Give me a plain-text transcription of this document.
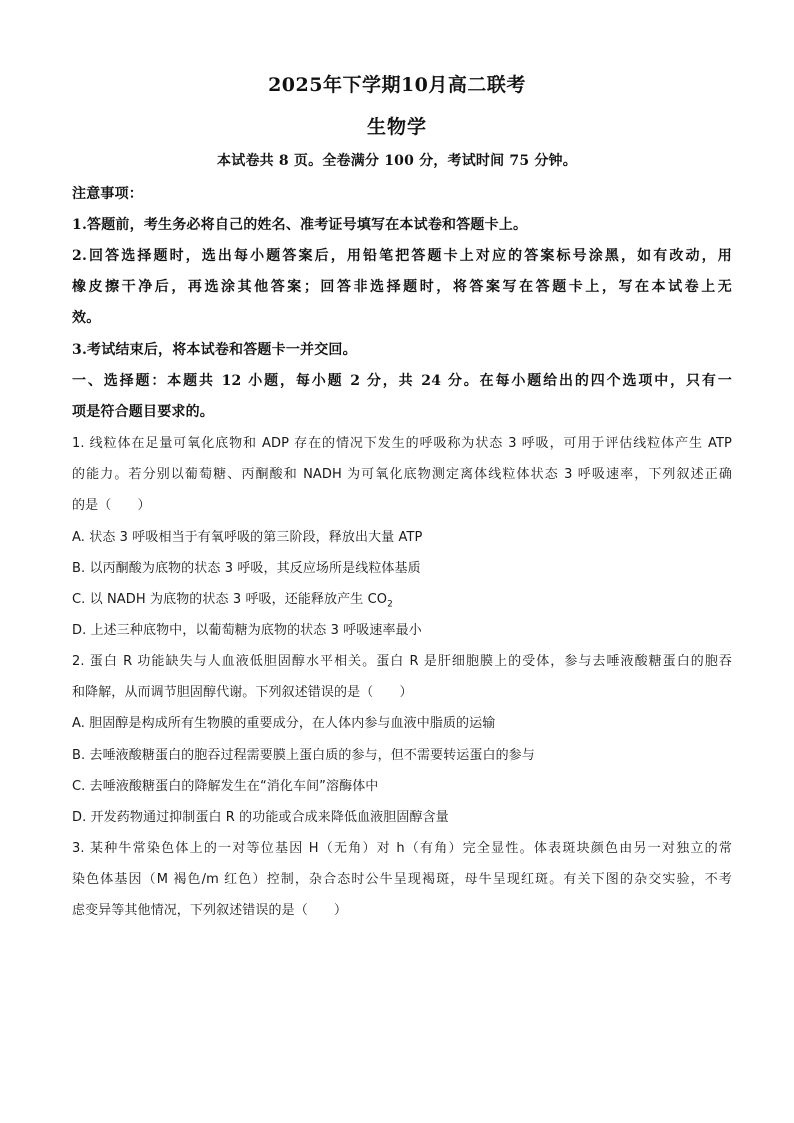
2025年下学期10月高二联考
生物学
本试卷共 8 页。全卷满分 100 分，考试时间 75 分钟。
注意事项：
1.答题前，考生务必将自己的姓名、准考证号填写在本试卷和答题卡上。
2.回答选择题时，选出每小题答案后，用铅笔把答题卡上对应的答案标号涂黑，如有改动，用
橡皮擦干净后，再选涂其他答案；回答非选择题时，将答案写在答题卡上，写在本试卷上无
效。
3.考试结束后，将本试卷和答题卡一并交回。
一、选择题：本题共 12 小题，每小题 2 分，共 24 分。在每小题给出的四个选项中，只有一
项是符合题目要求的。
1. 线粒体在足量可氧化底物和 ADP 存在的情况下发生的呼吸称为状态 3 呼吸，可用于评估线粒体产生 ATP
的能力。若分别以葡萄糖、丙酮酸和 NADH 为可氧化底物测定离体线粒体状态 3 呼吸速率，下列叙述正确
的是（　　）
A. 状态 3 呼吸相当于有氧呼吸的第三阶段，释放出大量 ATP
B. 以丙酮酸为底物的状态 3 呼吸，其反应场所是线粒体基质
C. 以 NADH 为底物的状态 3 呼吸，还能释放产生 $CO_2$
D. 上述三种底物中，以葡萄糖为底物的状态 3 呼吸速率最小
2. 蛋白 R 功能缺失与人血液低胆固醇水平相关。蛋白 R 是肝细胞膜上的受体，参与去唾液酸糖蛋白的胞吞
和降解，从而调节胆固醇代谢。下列叙述错误的是（　　）
A. 胆固醇是构成所有生物膜的重要成分，在人体内参与血液中脂质的运输
B. 去唾液酸糖蛋白的胞吞过程需要膜上蛋白质的参与，但不需要转运蛋白的参与
C. 去唾液酸糖蛋白的降解发生在“消化车间”溶酶体中
D. 开发药物通过抑制蛋白 R 的功能或合成来降低血液胆固醇含量
3. 某种牛常染色体上的一对等位基因 H（无角）对 h（有角）完全显性。体表斑块颜色由另一对独立的常
染色体基因（M 褐色/m 红色）控制，杂合态时公牛呈现褐斑，母牛呈现红斑。有关下图的杂交实验，不考
虑变异等其他情况，下列叙述错误的是（　　）
